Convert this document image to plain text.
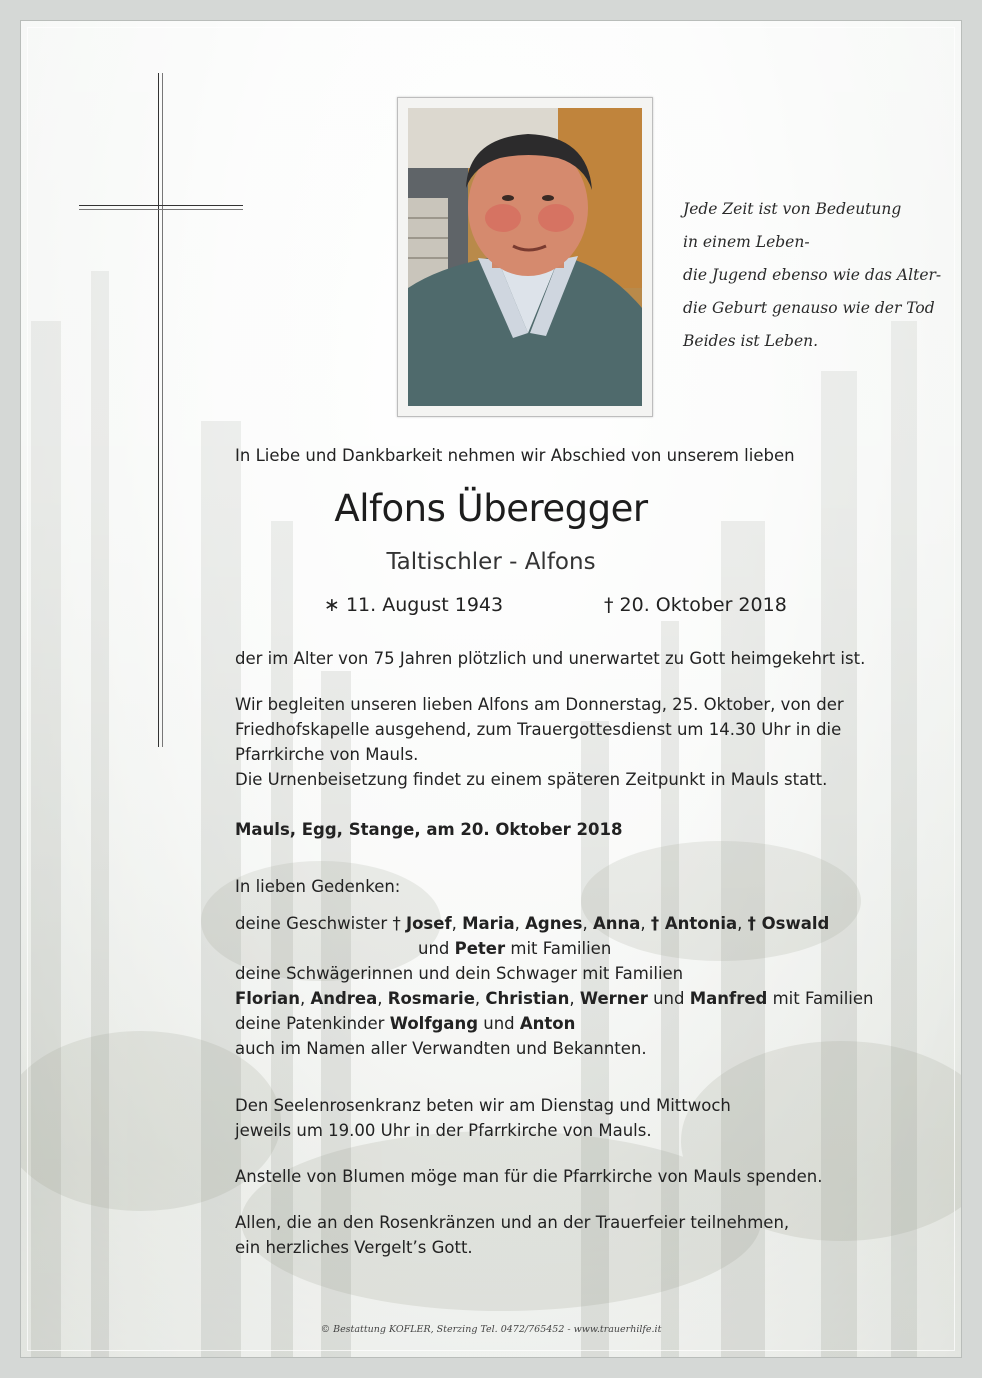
Jede Zeit ist von Bedeutung
in einem Leben-
die Jugend ebenso wie das Alter-
die Geburt genauso wie der Tod
Beides ist Leben.
In Liebe und Dankbarkeit nehmen wir Abschied von unserem lieben
Alfons Überegger
Taltischler - Alfons
∗ 11. August 1943	† 20. Oktober 2018
der im Alter von 75 Jahren plötzlich und unerwartet zu Gott heimgekehrt ist.
Wir begleiten unseren lieben Alfons am Donnerstag, 25. Oktober, von der
Friedhofskapelle ausgehend, zum Trauergottesdienst um 14.30 Uhr in die
Pfarrkirche von Mauls.
Die Urnenbeisetzung findet zu einem späteren Zeitpunkt in Mauls statt.
Mauls, Egg, Stange, am 20. Oktober 2018
In lieben Gedenken:
deine Geschwister † Josef, Maria, Agnes, Anna, † Antonia, † Oswald
und Peter mit Familien
deine Schwägerinnen und dein Schwager mit Familien
Florian, Andrea, Rosmarie, Christian, Werner und Manfred mit Familien
deine Patenkinder Wolfgang und Anton
auch im Namen aller Verwandten und Bekannten.
Den Seelenrosenkranz beten wir am Dienstag und Mittwoch
jeweils um 19.00 Uhr in der Pfarrkirche von Mauls.
Anstelle von Blumen möge man für die Pfarrkirche von Mauls spenden.
Allen, die an den Rosenkränzen und an der Trauerfeier teilnehmen,
ein herzliches Vergelt’s Gott.
© Bestattung KOFLER, Sterzing Tel. 0472/765452 - www.trauerhilfe.it
